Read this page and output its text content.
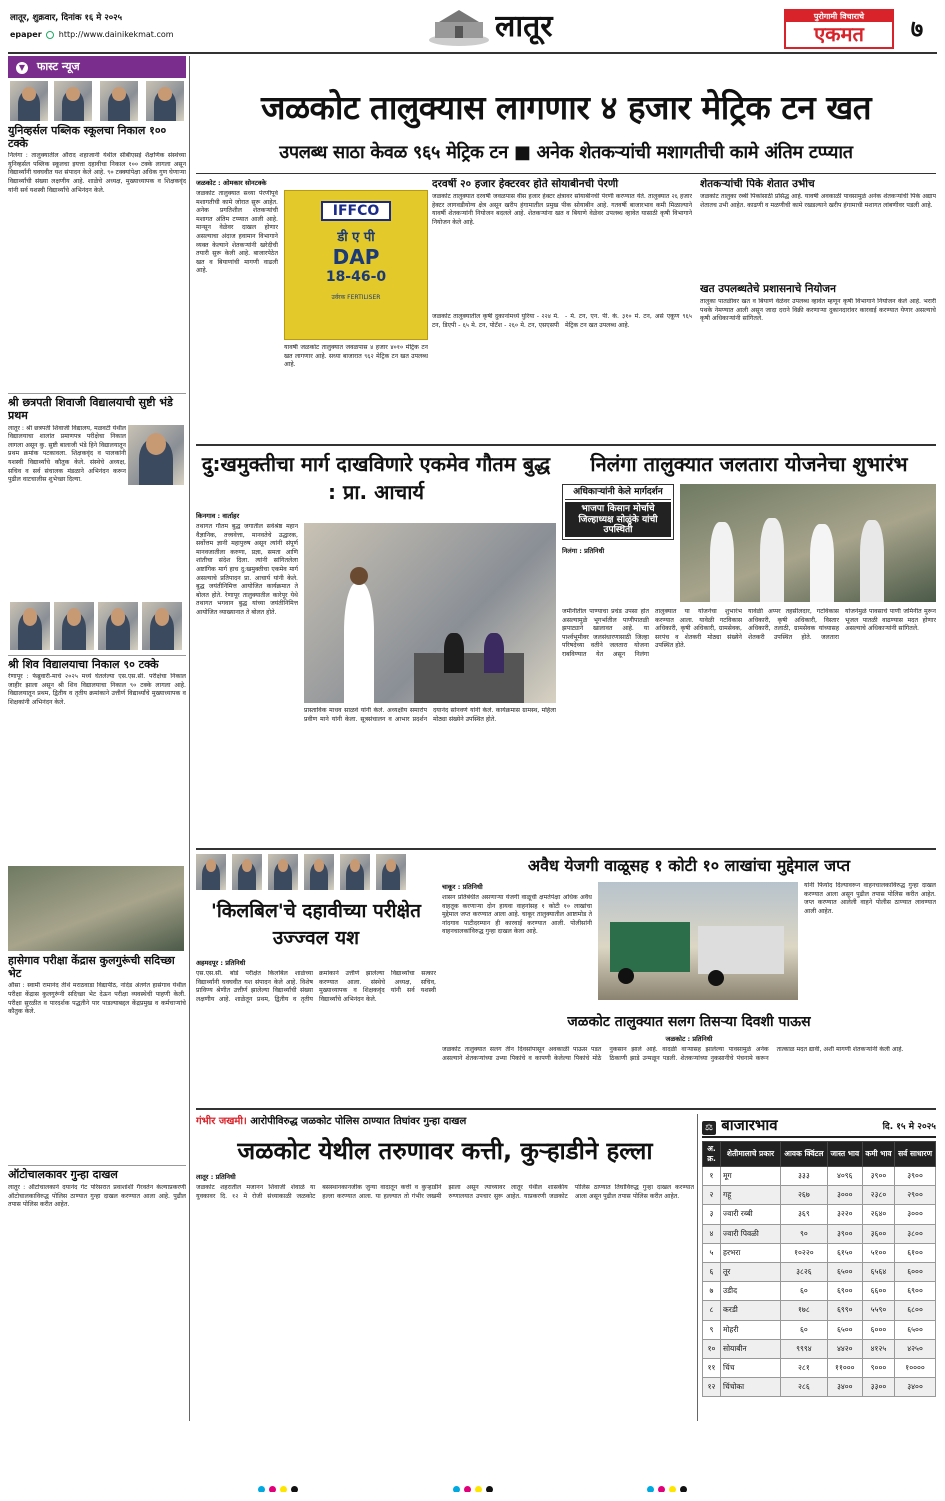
लातूर, शुक्रवार, दिनांक १६ मे २०२५
epaper http://www.dainikekmat.com	लातूर	पुरोगामी विचाराचे
एकमत	७
▼ फास्ट न्यूज
युनिव्हर्सल पब्लिक स्कूलचा निकाल १०० टक्के

निलंगा : तालुक्यातील औराद शहाजानी येथील सीबीएसई शैक्षणिक संस्थेच्या युनिव्हर्सल पब्लिक स्कूलचा इयत्ता दहावीचा निकाल १०० टक्के लागला असून विद्यार्थ्यांनी घवघवीत यश संपादन केले आहे. ९० टक्क्यांपेक्षा अधिक गुण घेणाऱ्या विद्यार्थ्यांची संख्या लक्षणीय आहे. शाळेचे अध्यक्ष, मुख्याध्यापक व शिक्षकवृंद यांनी सर्व यशस्वी विद्यार्थ्यांचे अभिनंदन केले.

श्री छत्रपती शिवाजी विद्यालयाची सुष्टी भंडे प्रथम

लातूर : श्री छत्रपती शिवाजी विद्यालय, मळवटी येथील विद्यालयाचा शालांत प्रमाणपत्र परीक्षेचा निकाल लागला असून कु. सुष्टी बालाजी भंडे हिने विद्यालयातून प्रथम क्रमांक पटकावला. शिक्षकवृंद व पालकांनी यशस्वी विद्यार्थ्यांचे कौतुक केले. संस्थेचे अध्यक्ष, सचिव व सर्व संचालक मंडळाने अभिनंदन करून पुढील वाटचालीस शुभेच्छा दिल्या.

श्री शिव विद्यालयाचा निकाल ९० टक्के

रेणापूर : फेब्रुवारी-मार्च २०२५ मध्ये घेतलेल्या एस.एस.सी. परीक्षेचा निकाल जाहीर झाला असून श्री शिव विद्यालयाचा निकाल ९० टक्के लागला आहे. विद्यालयातून प्रथम, द्वितीय व तृतीय क्रमांकाने उत्तीर्ण विद्यार्थ्यांचे मुख्याध्यापक व शिक्षकांनी अभिनंदन केले.

हासेगाव परीक्षा केंद्रास कुलगुरूंची सदिच्छा भेट

औसा : स्वामी रामानंद तीर्थ मराठवाडा विद्यापीठ, नांदेड अंतर्गत हासेगाव येथील परीक्षा केंद्रास कुलगुरूंनी सदिच्छा भेट देऊन परीक्षा व्यवस्थेची पाहणी केली. परीक्षा सुरळीत व पारदर्शक पद्धतीने पार पाडल्याबद्दल केंद्रप्रमुख व कर्मचाऱ्यांचे कौतुक केले.

ऑटोचालकावर गुन्हा दाखल

लातूर : ऑटोचालकाने दयानंद गेट परिसरात प्रवाशांशी गैरवर्तन केल्याप्रकरणी ऑटोचालकाविरुद्ध पोलिस ठाण्यात गुन्हा दाखल करण्यात आला आहे. पुढील तपास पोलिस करीत आहेत.

जळकोट तालुक्यास लागणार ४ हजार मेट्रिक टन खत
उपलब्ध साठा केवळ ९६५ मेट्रिक टन ■ अनेक शेतकऱ्यांची मशागतीची कामे अंतिम टप्प्यात
जळकोट : ओमकार सोनटक्के

जळकोट तालुक्यात सध्या पेरणीपूर्व मशागतीची कामे जोरात सुरू आहेत. अनेक प्रगतिशील शेतकऱ्यांची मशागत अंतिम टप्प्यात आली आहे. मान्सून वेळेवर दाखल होणार असल्याचा अंदाज हवामान विभागाने व्यक्त केल्याने शेतकऱ्यांनी खरेदीची तयारी सुरू केली आहे. बाजारपेठेत खत व बियाणांची मागणी वाढली आहे.

IFFCO
डी ए पी
DAP
18-46-0
उर्वरक FERTILISER

यावर्षी जळकोट तालुक्यात जवळपास ४ हजार ४०१० मेट्रिक टन खत लागणार आहे. सध्या बाजारात ९६२ मेट्रिक टन खत उपलब्ध आहे.

दरवर्षी २० हजार हेक्टरवर होते सोयाबीनची पेरणी

जळकोट तालुक्यात दरवर्षी जवळपास वीस हजार हेक्टर क्षेत्रावर सोयाबीनची पेरणी करण्यात येते. तालुक्यात २६ हजार हेक्टर लागवडीयोग्य क्षेत्र असून खरीप हंगामातील प्रमुख पीक सोयाबीन आहे. गतवर्षी बाजारभाव कमी मिळाल्याने यावर्षी शेतकऱ्यांनी नियोजन बदलले आहे. शेतकऱ्यांना खत व बियाणे वेळेवर उपलब्ध व्हावेत यासाठी कृषी विभागाने नियोजन केले आहे.

जळकोट तालुक्यातील कृषी दुकानांमध्ये युरिया - २२४ मे. टन, डिएपी - ६५ मे. टन, पोटॅश - २६० मे. टन, एसएसपी - मे. टन, एन. पी. के. ३१० मे. टन, असे एकूण ९६५ मेट्रिक टन खत उपलब्ध आहे.

शेतकऱ्यांची पिके शेतात उभीच

जळकोट तालुका रब्बी पिकांसाठी प्रसिद्ध आहे. यावर्षी अवकाळी पावसामुळे अनेक शेतकऱ्यांची पिके अद्याप शेतातच उभी आहेत. काढणी व मळणीची कामे रखडल्याने खरीप हंगामाची मशागत लांबणीवर पडली आहे.

खत उपलब्धतेचे प्रशासनाचे नियोजन

तालुका पातळीवर खत व बियाणे वेळेवर उपलब्ध व्हावेत म्हणून कृषी विभागाने नियोजन केले आहे. भरारी पथके नेमण्यात आली असून जादा दराने विक्री करणाऱ्या दुकानदारांवर कारवाई करण्यात येणार असल्याचे कृषी अधिकाऱ्यांनी सांगितले.

दु:खमुक्तीचा मार्ग दाखविणारे एकमेव गौतम बुद्ध : प्रा. आचार्य
किनगाव : वार्ताहर

तथागत गौतम बुद्ध जगातील सर्वश्रेष्ठ महान वैज्ञानिक, तत्त्ववेत्ता, मानवतेचे उद्धारक, सर्वोत्तम ज्ञानी महापुरुष असून त्यांनी संपूर्ण मानवजातीला करुणा, प्रज्ञा, समता आणि शांतीचा संदेश दिला. त्यांनी सांगितलेला अष्टांगिक मार्ग हाच दु:खमुक्तीचा एकमेव मार्ग असल्याचे प्रतिपादन प्रा. आचार्य यांनी केले. बुद्ध जयंतीनिमित्त आयोजित कार्यक्रमात ते बोलत होते. रेणापूर तालुक्यातील कारेपूर येथे तथागत भगवान बुद्ध यांच्या जयंतीनिमित्त आयोजित व्याख्यानात ते बोलत होते.

प्रास्ताविक माधव साळवे यांनी केले. अध्यक्षीय समारोप प्रवीण माने यांनी केला. सूत्रसंचालन व आभार प्रदर्शन दयानंद सोनवणे यांनी केले. कार्यक्रमास ग्रामस्थ, महिला मोठ्या संख्येने उपस्थित होते.

निलंगा तालुक्यात जलतारा योजनेचा शुभारंभ
अधिकाऱ्यांनी केले मार्गदर्शन
भाजपा किसान मोर्चाचे जिल्हाध्यक्ष सोळुंके यांची उपस्थिती
निलंगा : प्रतिनिधी

जमीनीतील पाण्याचा प्रचंड उपसा होत असल्यामुळे भूगर्भातील पाणीपातळी झपाट्याने खालावत आहे. या पार्श्वभूमीवर जलसंधारणासाठी जिल्हा परिषदेच्या वतीने जलतारा योजना राबविण्यात येत असून निलंगा तालुक्यात या योजनेचा शुभारंभ करण्यात आला. यावेळी गटविकास अधिकारी, कृषी अधिकारी, ग्रामसेवक, सरपंच व शेतकरी मोठ्या संख्येने उपस्थित होते.

यावेळी अप्पर तहसीलदार, गटविकास अधिकारी, कृषी अधिकारी, विस्तार अधिकारी, तलाठी, ग्रामसेवक यांच्यासह शेतकरी उपस्थित होते. जलतारा योजनेमुळे पावसाचे पाणी जमिनीत मुरून भूजल पातळी वाढण्यास मदत होणार असल्याचे अधिकाऱ्यांनी सांगितले.

'किलबिल'चे दहावीच्या परीक्षेत उज्ज्वल यश
अहमदपूर : प्रतिनिधी

एस.एस.सी. बोर्ड परीक्षेत किलबिल शाळेच्या विद्यार्थ्यांनी घवघवीत यश संपादन केले आहे. विशेष प्राविण्य श्रेणीत उत्तीर्ण झालेल्या विद्यार्थ्यांची संख्या लक्षणीय आहे. शाळेतून प्रथम, द्वितीय व तृतीय क्रमांकाने उत्तीर्ण झालेल्या विद्यार्थ्यांचा सत्कार करण्यात आला. संस्थेचे अध्यक्ष, सचिव, मुख्याध्यापक व शिक्षकवृंद यांनी सर्व यशस्वी विद्यार्थ्यांचे अभिनंदन केले.

अवैध येजगी वाळूसह १ कोटी १० लाखांचा मुद्देमाल जप्त
चाकूर : प्रतिनिधी

शासन प्रतिबंधीत असणाऱ्या येजगी वाळूची क्षमतेपेक्षा अधिक अवैध वाहतूक करणाऱ्या दोन हायवा वाहनांसह १ कोटी १० लाखांचा मुद्देमाल जप्त करण्यात आला आहे. चाकूर तालुक्यातील आष्टामोड ते नांदगाव पाटीदरम्यान ही कारवाई करण्यात आली. पोलीसांनी वाहनचालकांविरुद्ध गुन्हा दाखल केला आहे.

यांनी फिर्याद दिल्यावरून वाहनचालकाविरुद्ध गुन्हा दाखल करण्यात आला असून पुढील तपास पोलिस करीत आहेत. जप्त करण्यात आलेली वाहने पोलीस ठाण्यात लावण्यात आली आहेत.

जळकोट तालुक्यात सलग तिसऱ्या दिवशी पाऊस
जळकोट : प्रतिनिधी

जळकोट तालुक्यात सलग तीन दिवसांपासून अवकाळी पाऊस पडत असल्याने शेतकऱ्यांच्या उभ्या पिकांचे व कापणी केलेल्या पिकांचे मोठे नुकसान झाले आहे. वादळी वाऱ्यासह झालेल्या पावसामुळे अनेक ठिकाणी झाडे उन्मळून पडली. शेतकऱ्यांच्या नुकसानीचे पंचनामे करून तात्काळ मदत द्यावी, अशी मागणी शेतकऱ्यांनी केली आहे.

गंभीर जखमी। आरोपीविरुद्ध जळकोट पोलिस ठाण्यात तिघांवर गुन्हा दाखल
जळकोट येथील तरुणावर कत्ती, कुऱ्हाडीने हल्ला
लातूर : प्रतिनिधी

जळकोट शहरातील मजानन शिवाजी शेवाळे या युवकावर दि. १२ मे रोजी संध्याकाळी जळकोट बसस्थानकानजीक जुन्या वादातून कत्ती व कुऱ्हाडीने हल्ला करण्यात आला. या हल्ल्यात तो गंभीर जखमी झाला असून त्याच्यावर लातूर येथील शासकीय रुग्णालयात उपचार सुरू आहेत. याप्रकरणी जळकोट पोलिस ठाण्यात तिघांविरुद्ध गुन्हा दाखल करण्यात आला असून पुढील तपास पोलिस करीत आहेत.

⚖ बाजारभाव	दि. १५ मे २०२५
अ. क्र.	शेतीमालाचे प्रकार	आवक क्विंटल	जास्त भाव	कमी भाव	सर्व साधारण
१	मूग	३३३	४०९६	३९००	३९००
२	गहू	२६७	३०००	२३८०	२९००
३	ज्वारी रब्बी	३६९	३२२०	२६४०	३०००
४	ज्वारी पिवळी	९०	३९००	३६००	३८००
५	हरभरा	१०२२०	६१५०	५१००	६१००
६	तूर	३८२६	६५००	६५६४	६०००
७	उडीद	६०	६९००	६६००	६९००
८	करडी	१७८	६९९०	५५९०	६८००
९	मोहरी	६०	६५००	६०००	६५००
१०	सोयाबीन	९९९४	४४२०	४१२५	४२५०
११	चिंच	२८१	११०००	९०००	१००००
१२	चिंचोका	२८६	३४००	३३००	३४००
